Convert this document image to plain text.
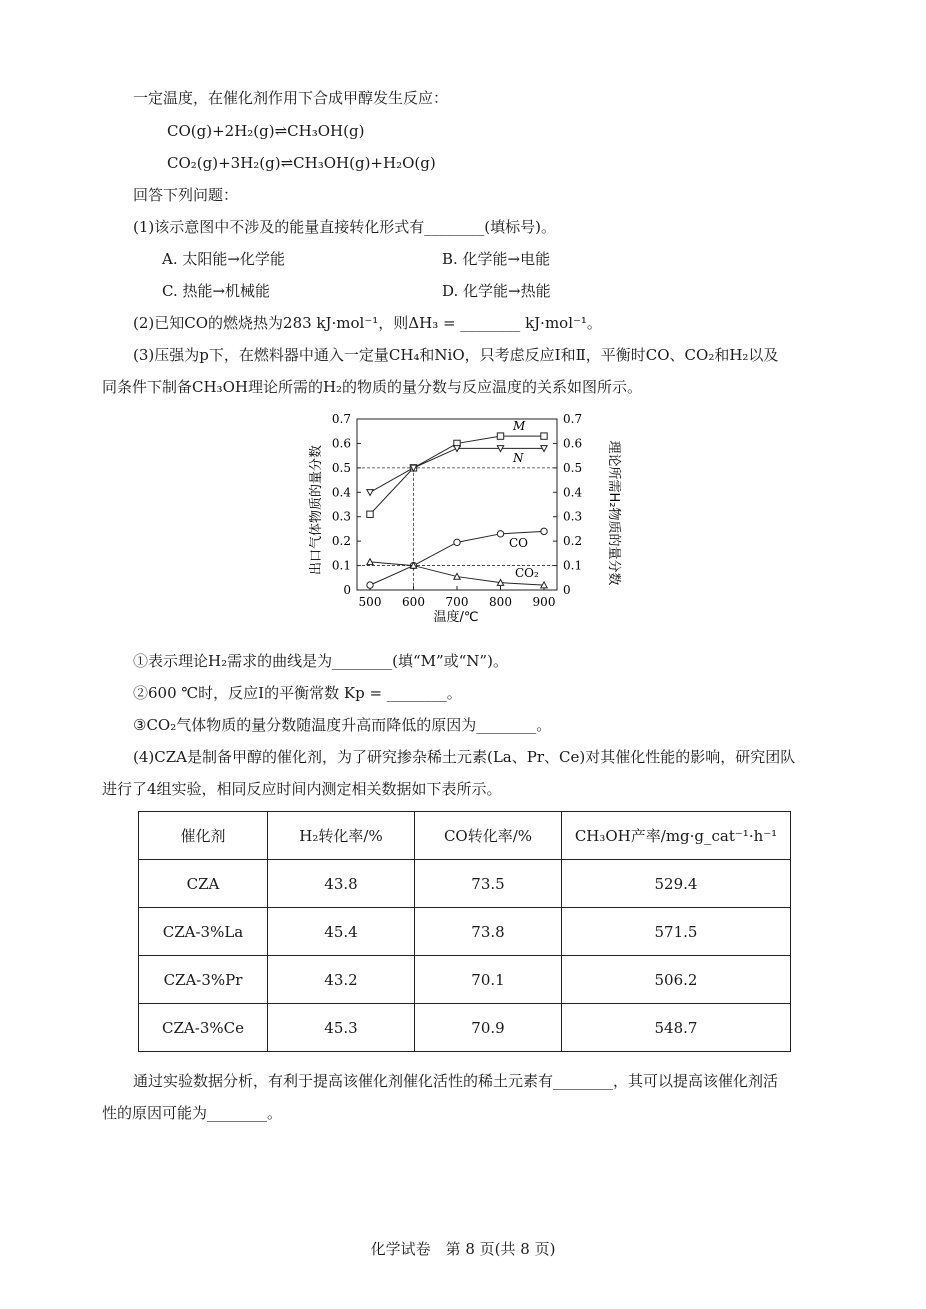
一定温度，在催化剂作用下合成甲醇发生反应：
CO(g)+2H₂(g)⇌CH₃OH(g)
CO₂(g)+3H₂(g)⇌CH₃OH(g)+H₂O(g)
回答下列问题：
(1)该示意图中不涉及的能量直接转化形式有________(填标号)。
A. 太阳能→化学能	B. 化学能→电能
C. 热能→机械能	D. 化学能→热能
(2)已知CO的燃烧热为283 kJ·mol⁻¹，则ΔH₃ = ________ kJ·mol⁻¹。
(3)压强为p下，在燃料器中通入一定量CH₄和NiO，只考虑反应Ⅰ和Ⅱ，平衡时CO、CO₂和H₂以及
同条件下制备CH₃OH理论所需的H₂的物质的量分数与反应温度的关系如图所示。
0	0
0.1	0.1
0.2	0.2
0.3	0.3
0.4	0.4
0.5	0.5
0.6	0.6
0.7	0.7
500 600 700 800 900
M
N
CO
CO₂
出口气体物质的量分数	理论所需H₂物质的量分数
温度/℃
①表示理论H₂需求的曲线是为________(填“M”或“N”)。
②600 ℃时，反应Ⅰ的平衡常数 Kp = ________。
③CO₂气体物质的量分数随温度升高而降低的原因为________。
(4)CZA是制备甲醇的催化剂，为了研究掺杂稀土元素(La、Pr、Ce)对其催化性能的影响，研究团队
进行了4组实验，相同反应时间内测定相关数据如下表所示。
催化剂	H₂转化率/%	CO转化率/%	CH₃OH产率/mg·g_cat⁻¹·h⁻¹
CZA	43.8	73.5	529.4
CZA-3%La	45.4	73.8	571.5
CZA-3%Pr	43.2	70.1	506.2
CZA-3%Ce	45.3	70.9	548.7
通过实验数据分析，有利于提高该催化剂催化活性的稀土元素有________，其可以提高该催化剂活
性的原因可能为________。
化学试卷　第 8 页(共 8 页)
